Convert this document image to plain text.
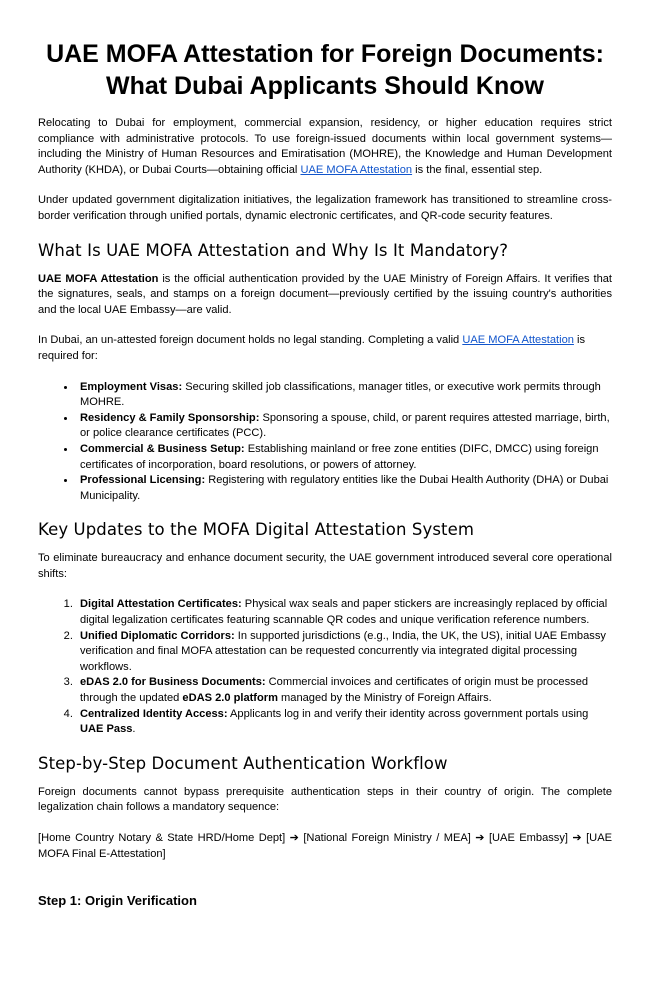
UAE MOFA Attestation for Foreign Documents:
What Dubai Applicants Should Know

Relocating to Dubai for employment, commercial expansion, residency, or higher education requires strict compliance with administrative protocols. To use foreign-issued documents within local government systems—including the Ministry of Human Resources and Emiratisation (MOHRE), the Knowledge and Human Development Authority (KHDA), or Dubai Courts—obtaining official UAE MOFA Attestation is the final, essential step.

Under updated government digitalization initiatives, the legalization framework has transitioned to streamline cross-border verification through unified portals, dynamic electronic certificates, and QR-code security features.

What Is UAE MOFA Attestation and Why Is It Mandatory?

UAE MOFA Attestation is the official authentication provided by the UAE Ministry of Foreign Affairs. It verifies that the signatures, seals, and stamps on a foreign document—previously certified by the issuing country's authorities and the local UAE Embassy—are valid.

In Dubai, an un-attested foreign document holds no legal standing. Completing a valid UAE MOFA Attestation is required for:

• Employment Visas: Securing skilled job classifications, manager titles, or executive work permits through MOHRE.
• Residency & Family Sponsorship: Sponsoring a spouse, child, or parent requires attested marriage, birth, or police clearance certificates (PCC).
• Commercial & Business Setup: Establishing mainland or free zone entities (DIFC, DMCC) using foreign certificates of incorporation, board resolutions, or powers of attorney.
• Professional Licensing: Registering with regulatory entities like the Dubai Health Authority (DHA) or Dubai Municipality.
Key Updates to the MOFA Digital Attestation System

To eliminate bureaucracy and enhance document security, the UAE government introduced several core operational shifts:

1. Digital Attestation Certificates: Physical wax seals and paper stickers are increasingly replaced by official digital legalization certificates featuring scannable QR codes and unique verification reference numbers.
2. Unified Diplomatic Corridors: In supported jurisdictions (e.g., India, the UK, the US), initial UAE Embassy verification and final MOFA attestation can be requested concurrently via integrated digital processing workflows.
3. eDAS 2.0 for Business Documents: Commercial invoices and certificates of origin must be processed through the updated eDAS 2.0 platform managed by the Ministry of Foreign Affairs.
4. Centralized Identity Access: Applicants log in and verify their identity across government portals using UAE Pass.
Step-by-Step Document Authentication Workflow

Foreign documents cannot bypass prerequisite authentication steps in their country of origin. The complete legalization chain follows a mandatory sequence:

[Home Country Notary & State HRD/Home Dept] ➔ [National Foreign Ministry / MEA] ➔ [UAE Embassy] ➔ [UAE MOFA Final E-Attestation]

Step 1: Origin Verification
